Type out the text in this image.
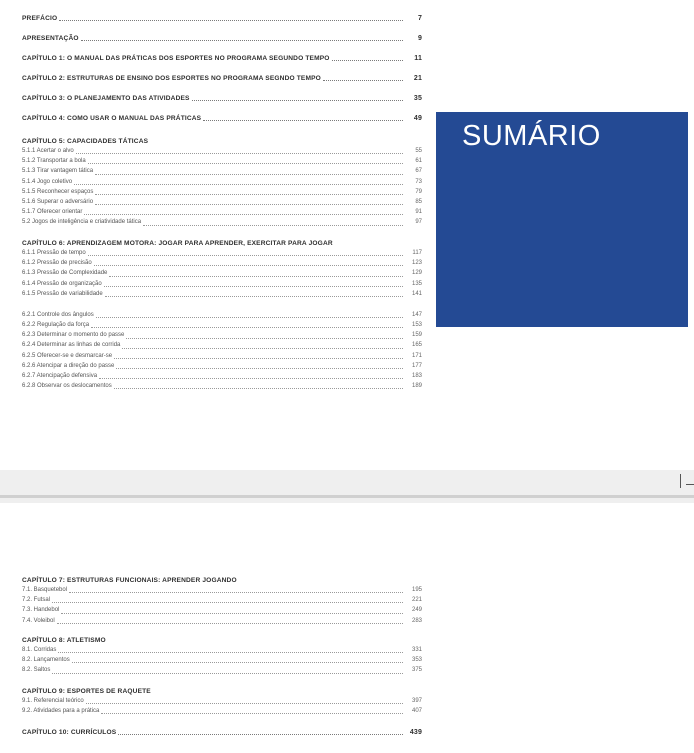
PREFÁCIO	7
APRESENTAÇÃO	9
CAPÍTULO 1: O MANUAL DAS PRÁTICAS DOS ESPORTES NO PROGRAMA SEGUNDO TEMPO	11
CAPÍTULO 2: ESTRUTURAS DE ENSINO DOS ESPORTES NO PROGRAMA SEGNDO TEMPO	21
CAPÍTULO 3: O PLANEJAMENTO DAS ATIVIDADES	35
CAPÍTULO 4: COMO USAR O MANUAL DAS PRÁTICAS	49
CAPÍTULO 5: CAPACIDADES TÁTICAS
5.1.1 Acertar o alvo	55
5.1.2 Transportar a bola	61
5.1.3 Tirar vantagem tática	67
5.1.4 Jogo coletivo	73
5.1.5 Reconhecer espaços	79
5.1.6 Superar o adversário	85
5.1.7 Oferecer orientar	91
5.2 Jogos de inteligência e criatividade tática	97
CAPÍTULO 6: APRENDIZAGEM MOTORA: JOGAR PARA APRENDER, EXERCITAR PARA JOGAR
6.1.1 Pressão de tempo	117
6.1.2 Pressão de precisão	123
6.1.3 Pressão de Complexidade	129
6.1.4 Pressão de organização	135
6.1.5 Pressão de variabilidade	141
6.2.1 Controle dos ângulos	147
6.2.2 Regulação da força	153
6.2.3 Determinar o momento do passe	159
6.2.4 Determinar as linhas de corrida	165
6.2.5 Oferecer-se e desmarcar-se	171
6.2.6 Atencipar a direção do passe	177
6.2.7 Atencipação defensiva	183
6.2.8 Observar os deslocamentos	189
SUMÁRIO
CAPÍTULO 7: ESTRUTURAS FUNCIONAIS: APRENDER JOGANDO
7.1. Basquetebol	195
7.2. Futsal	221
7.3. Handebol	249
7.4. Voleibol	283
CAPÍTULO 8: ATLETISMO
8.1. Corridas	331
8.2. Lançamentos	353
8.2. Saltos	375
CAPÍTULO 9: ESPORTES DE RAQUETE
9.1. Referencial teórico	397
9.2. Atividades para a prática	407
CAPÍTULO 10: CURRÍCULOS	439
